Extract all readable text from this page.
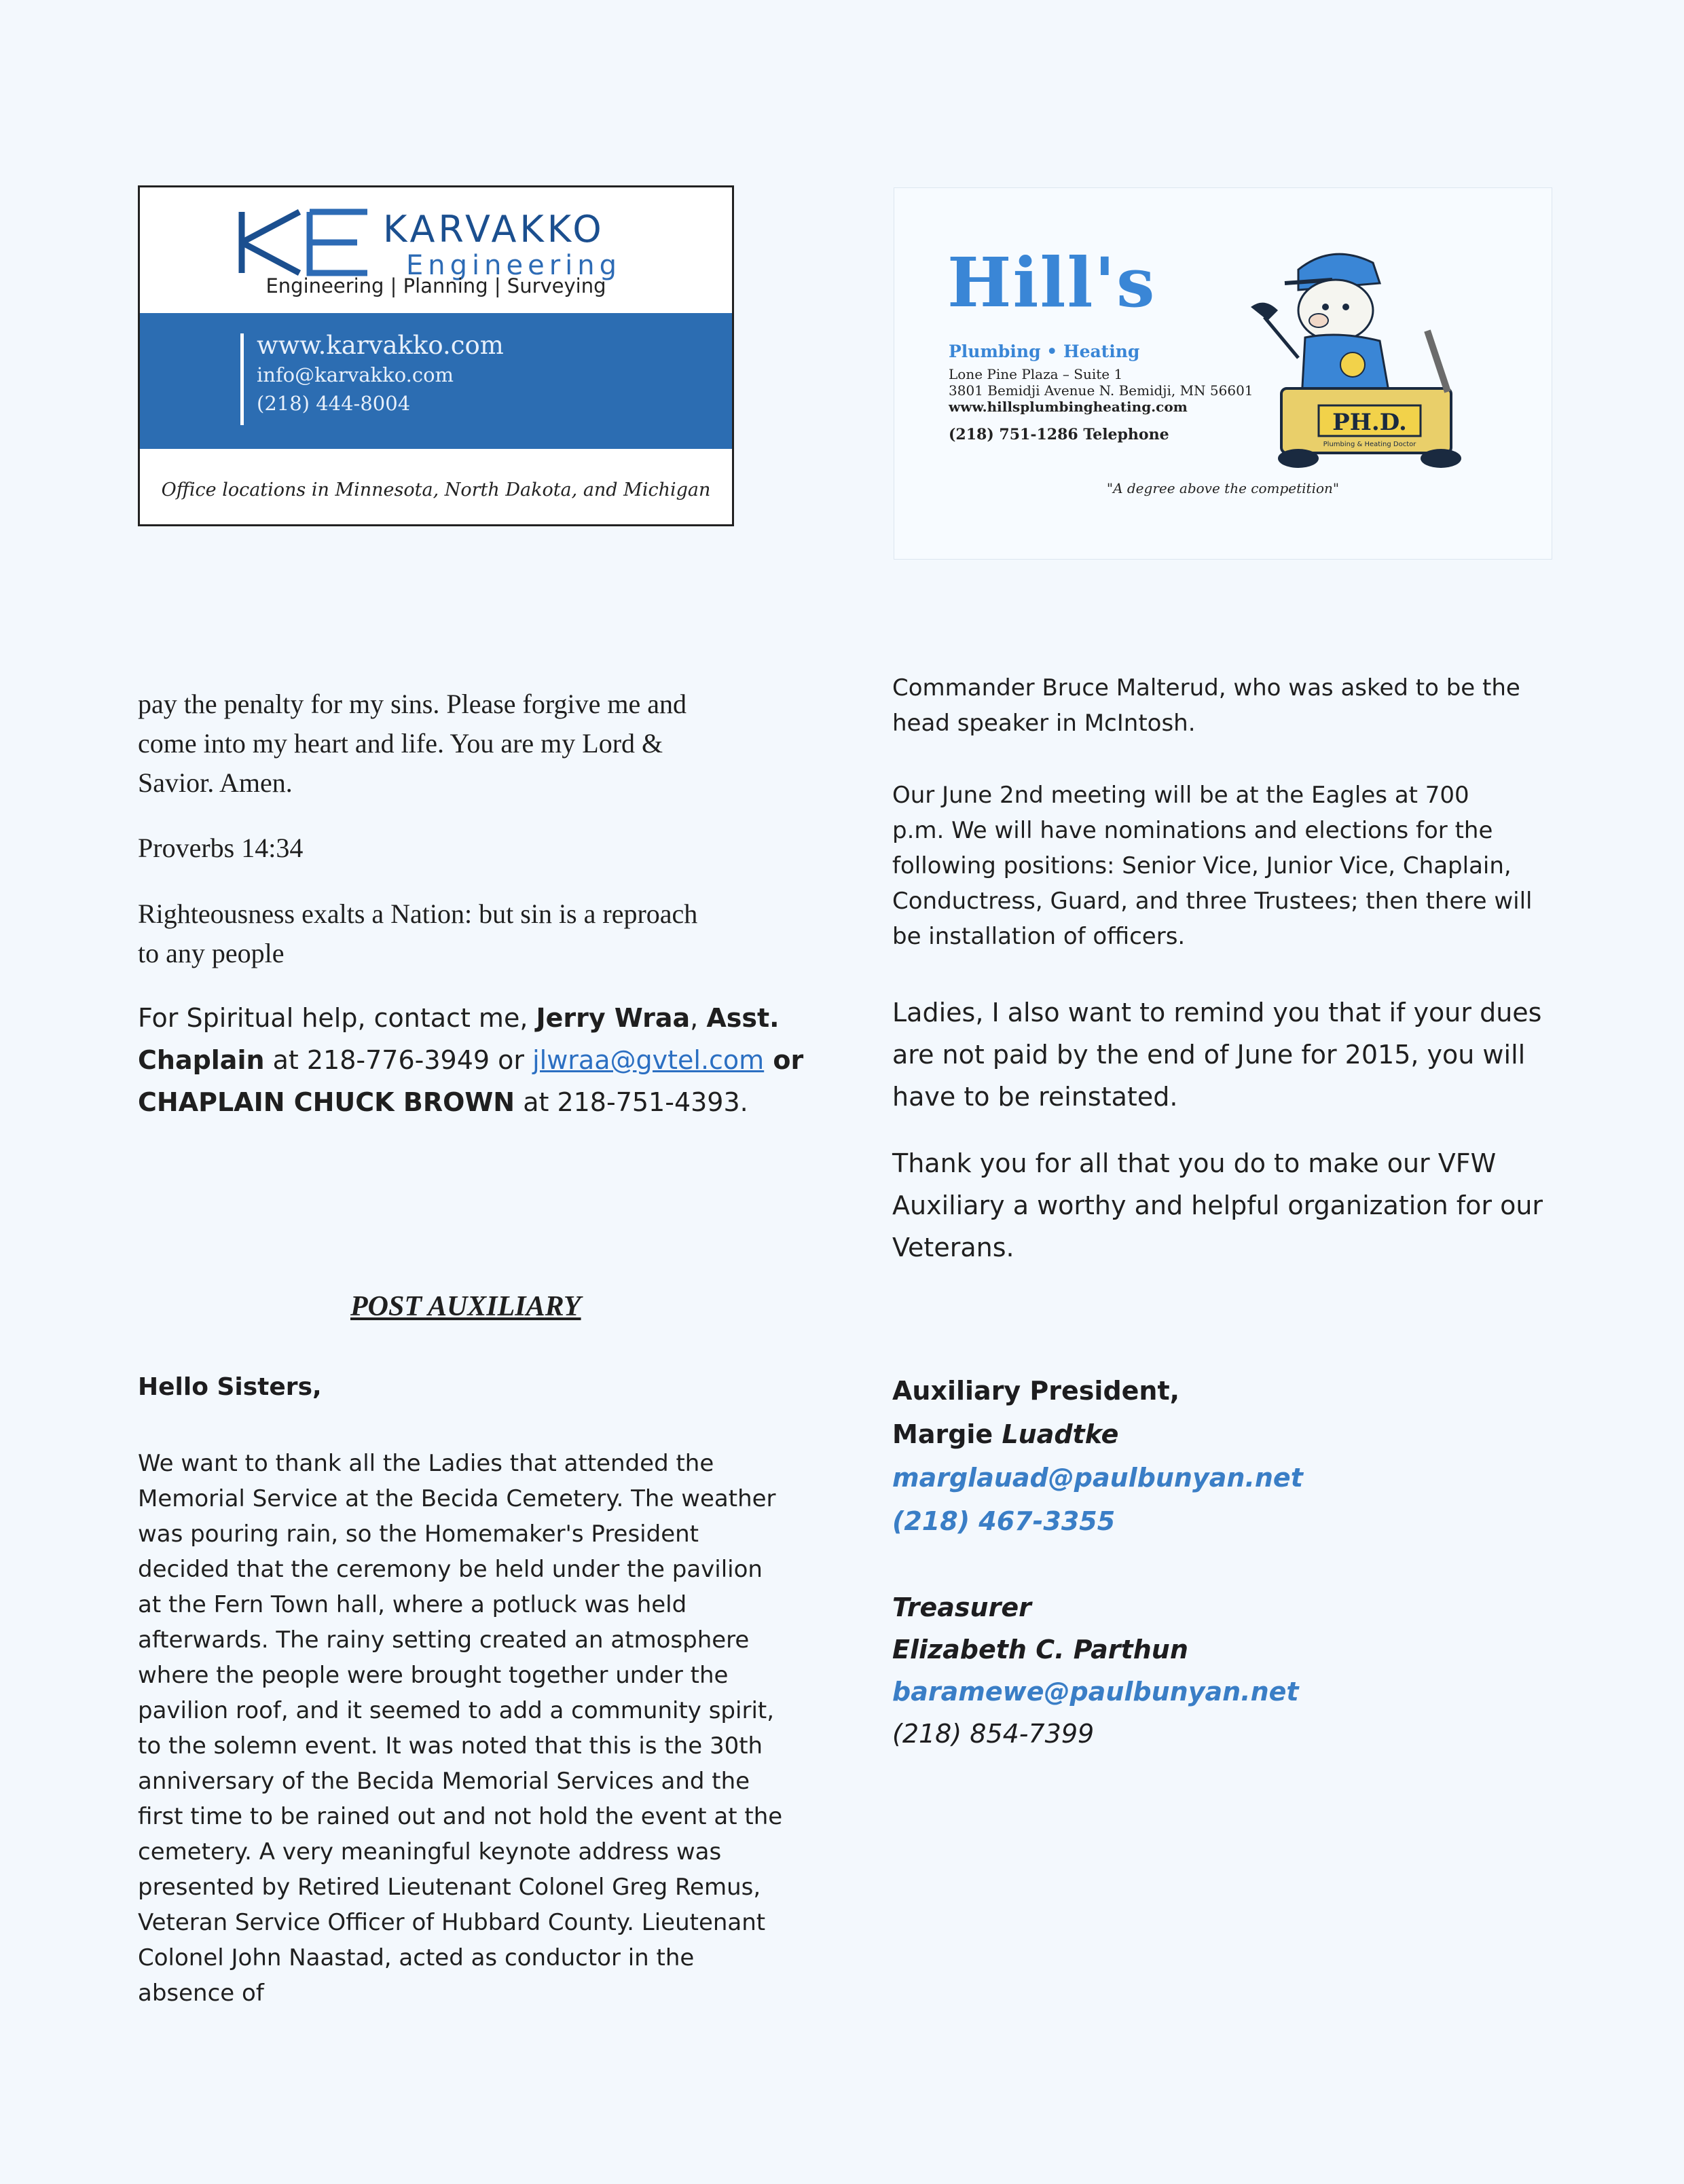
KARVAKKO
Engineering
Engineering | Planning | Surveying
www.karvakko.com
info@karvakko.com
(218) 444-8004
Office locations in Minnesota, North Dakota, and Michigan
Hill's
Plumbing • Heating
Lone Pine Plaza – Suite 1
3801 Bemidji Avenue N. Bemidji, MN 56601
www.hillsplumbingheating.com
(218) 751-1286 Telephone	PH.D.
Plumbing & Heating Doctor
"A degree above the competition"
pay the penalty for my sins. Please forgive me and
come into my heart and life. You are my Lord &
Savior. Amen.
Proverbs 14:34
Righteousness exalts a Nation: but sin is a reproach
to any people
For Spiritual help, contact me, Jerry Wraa, Asst.
Chaplain at 218-776-3949 or jlwraa@gvtel.com or
CHAPLAIN CHUCK BROWN at 218-751-4393.
POST AUXILIARY
Hello Sisters,
We want to thank all the Ladies that attended the
Memorial Service at the Becida Cemetery. The weather
was pouring rain, so the Homemaker's President
decided that the ceremony be held under the pavilion
at the Fern Town hall, where a potluck was held
afterwards. The rainy setting created an atmosphere
where the people were brought together under the
pavilion roof, and it seemed to add a community spirit,
to the solemn event. It was noted that this is the 30th
anniversary of the Becida Memorial Services and the
first time to be rained out and not hold the event at the
cemetery. A very meaningful keynote address was
presented by Retired Lieutenant Colonel Greg Remus,
Veteran Service Officer of Hubbard County. Lieutenant
Colonel John Naastad, acted as conductor in the
absence of
Commander Bruce Malterud, who was asked to be the
head speaker in McIntosh.
Our June 2nd meeting will be at the Eagles at 700
p.m. We will have nominations and elections for the
following positions: Senior Vice, Junior Vice, Chaplain,
Conductress, Guard, and three Trustees; then there will
be installation of officers.
Ladies, I also want to remind you that if your dues
are not paid by the end of June for 2015, you will
have to be reinstated.
Thank you for all that you do to make our VFW
Auxiliary a worthy and helpful organization for our
Veterans.
Auxiliary President,
Margie Luadtke
marglauad@paulbunyan.net
(218) 467-3355
Treasurer
Elizabeth C. Parthun
baramewe@paulbunyan.net
(218) 854-7399
